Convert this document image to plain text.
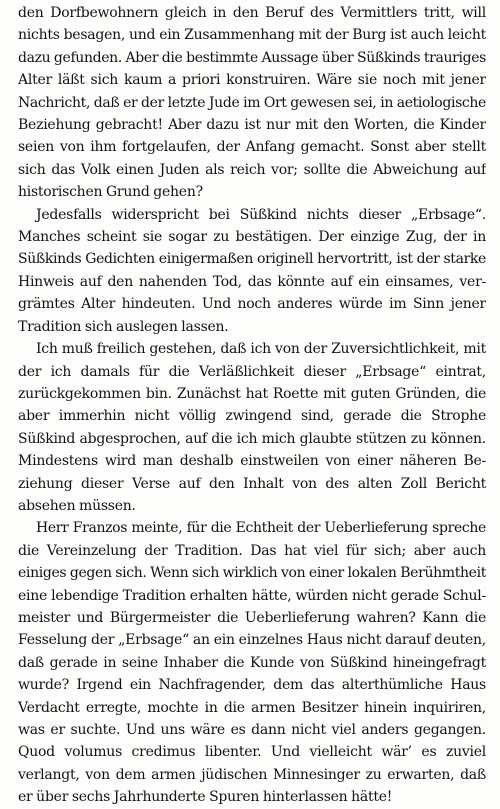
den Dorfbewohnern gleich in den Beruf des Vermittlers tritt, will
nichts besagen, und ein Zusammenhang mit der Burg ist auch leicht
dazu gefunden. Aber die bestimmte Aussage über Süßkinds trauriges
Alter läßt sich kaum a priori konstruiren. Wäre sie noch mit jener
Nachricht, daß er der letzte Jude im Ort gewesen sei, in aetiologische
Beziehung gebracht! Aber dazu ist nur mit den Worten, die Kinder
seien von ihm fortgelaufen, der Anfang gemacht. Sonst aber stellt
sich das Volk einen Juden als reich vor; sollte die Abweichung auf
historischen Grund gehen?

Jedesfalls widerspricht bei Süßkind nichts dieser „Erbsage“.
Manches scheint sie sogar zu bestätigen. Der einzige Zug, der in
Süßkinds Gedichten einigermaßen originell hervortritt, ist der starke
Hinweis auf den nahenden Tod, das könnte auf ein einsames, ver-
grämtes Alter hindeuten. Und noch anderes würde im Sinn jener
Tradition sich auslegen lassen.

Ich muß freilich gestehen, daß ich von der Zuversichtlichkeit, mit
der ich damals für die Verläßlichkeit dieser „Erbsage“ eintrat,
zurückgekommen bin. Zunächst hat Roette mit guten Gründen, die
aber immerhin nicht völlig zwingend sind, gerade die Strophe
Süßkind abgesprochen, auf die ich mich glaubte stützen zu können.
Mindestens wird man deshalb einstweilen von einer näheren Be-
ziehung dieser Verse auf den Inhalt von des alten Zoll Bericht
absehen müssen.

Herr Franzos meinte, für die Echtheit der Ueberlieferung spreche
die Vereinzelung der Tradition. Das hat viel für sich; aber auch
einiges gegen sich. Wenn sich wirklich von einer lokalen Berühmtheit
eine lebendige Tradition erhalten hätte, würden nicht gerade Schul-
meister und Bürgermeister die Ueberlieferung wahren? Kann die
Fesselung der „Erbsage“ an ein einzelnes Haus nicht darauf deuten,
daß gerade in seine Inhaber die Kunde von Süßkind hineingefragt
wurde? Irgend ein Nachfragender, dem das alterthümliche Haus
Verdacht erregte, mochte in die armen Besitzer hinein inquiriren,
was er suchte. Und uns wäre es dann nicht viel anders gegangen.
Quod volumus credimus libenter. Und vielleicht wär’ es zuviel
verlangt, von dem armen jüdischen Minnesinger zu erwarten, daß
er über sechs Jahrhunderte Spuren hinterlassen hätte!
